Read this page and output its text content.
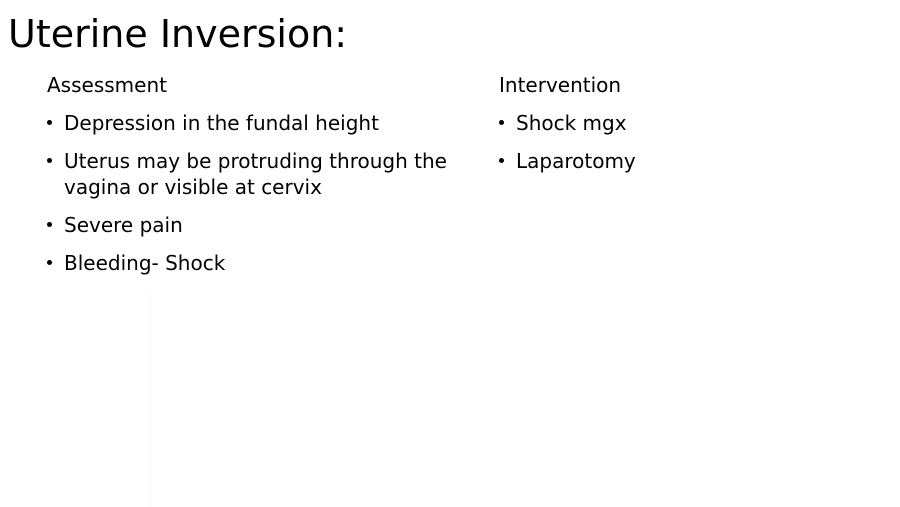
Uterine Inversion:
Assessment
Depression in the fundal height
Uterus may be protruding through the vagina or visible at cervix
Severe pain
Bleeding- Shock
Intervention
Shock mgx
Laparotomy
